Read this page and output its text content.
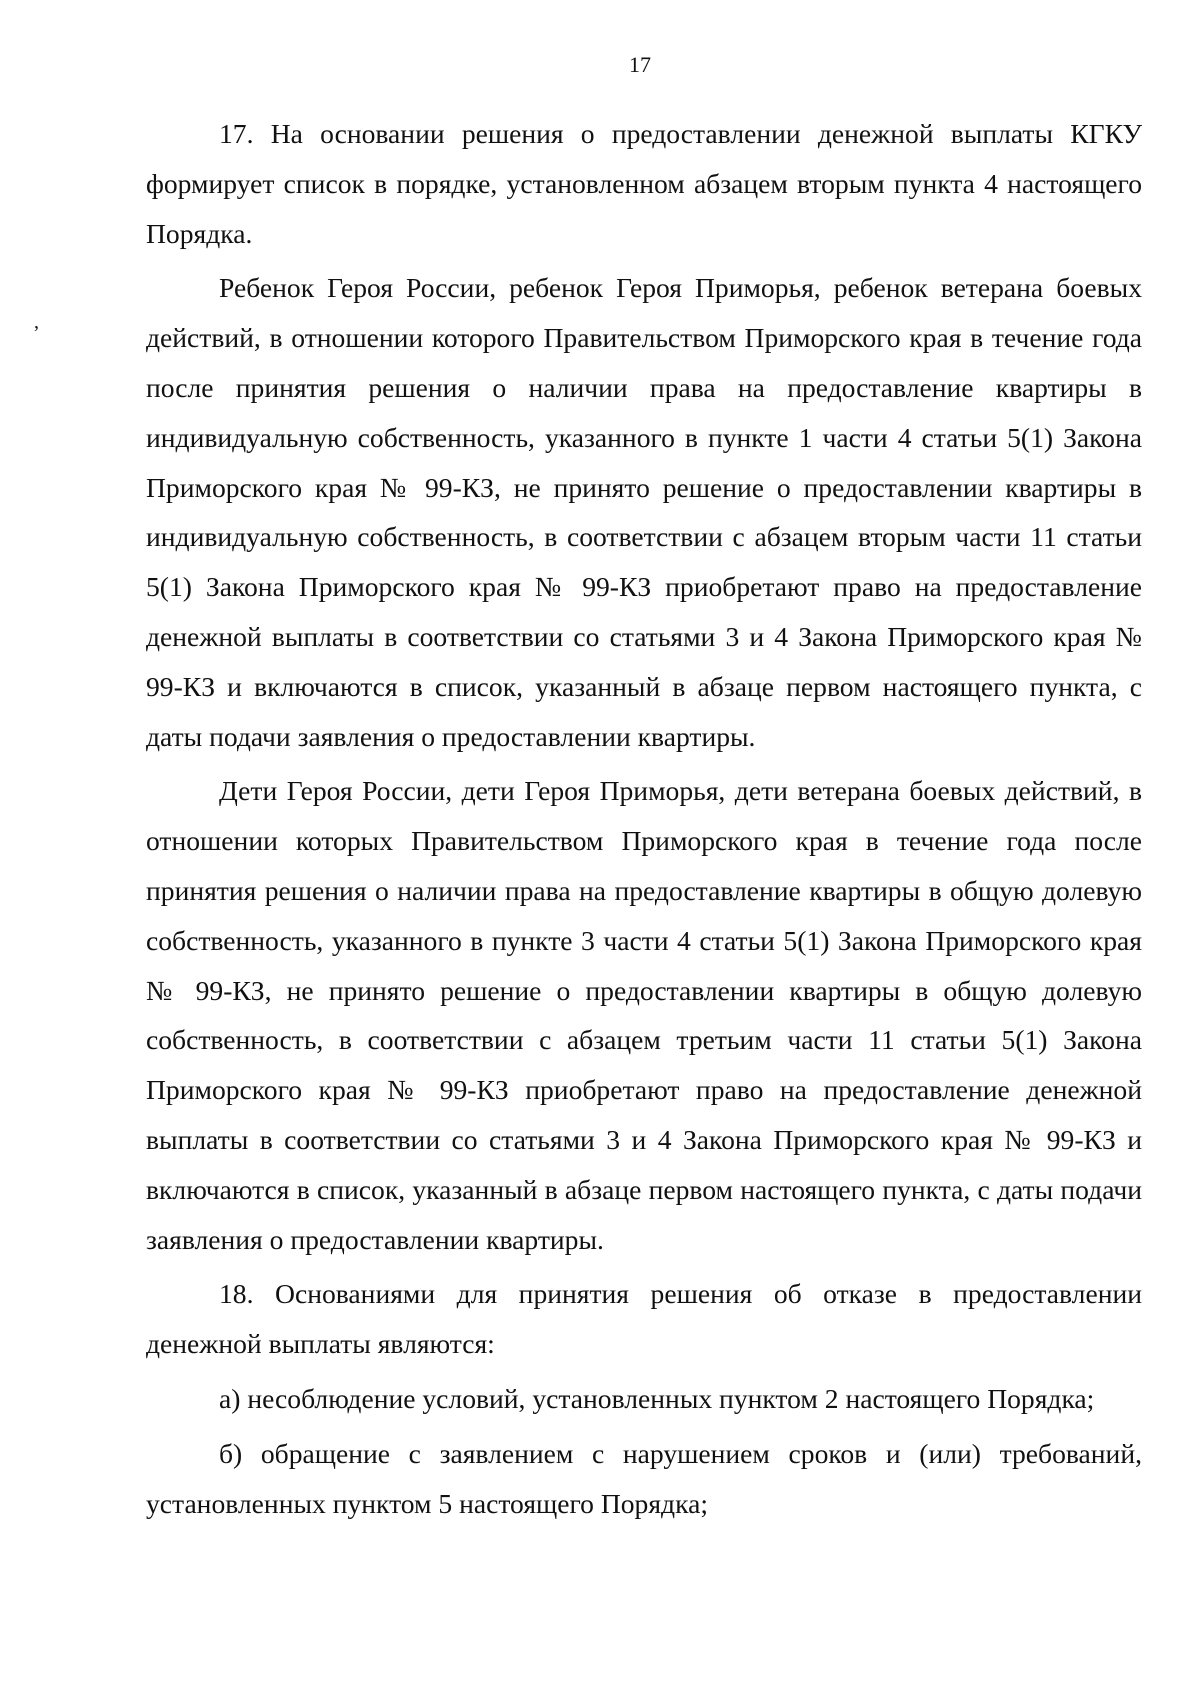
17
,

17. На основании решения о предоставлении денежной выплаты КГКУ формирует список в порядке, установленном абзацем вторым пункта 4 настоящего Порядка.

Ребенок Героя России, ребенок Героя Приморья, ребенок ветерана боевых действий, в отношении которого Правительством Приморского края в течение года после принятия решения о наличии права на предоставление квартиры в индивидуальную собственность, указанного в пункте 1 части 4 статьи 5(1) Закона Приморского края № 99-КЗ, не принято решение о предоставлении квартиры в индивидуальную собственность, в соответствии с абзацем вторым части 11 статьи 5(1) Закона Приморского края № 99-КЗ приобретают право на предоставление денежной выплаты в соответствии со статьями 3 и 4 Закона Приморского края № 99-КЗ и включаются в список, указанный в абзаце первом настоящего пункта, с даты подачи заявления о предоставлении квартиры.

Дети Героя России, дети Героя Приморья, дети ветерана боевых действий, в отношении которых Правительством Приморского края в течение года после принятия решения о наличии права на предоставление квартиры в общую долевую собственность, указанного в пункте 3 части 4 статьи 5(1) Закона Приморского края № 99-КЗ, не принято решение о предоставлении квартиры в общую долевую собственность, в соответствии с абзацем третьим части 11 статьи 5(1) Закона Приморского края № 99-КЗ приобретают право на предоставление денежной выплаты в соответствии со статьями 3 и 4 Закона Приморского края № 99-КЗ и включаются в список, указанный в абзаце первом настоящего пункта, с даты подачи заявления о предоставлении квартиры.

18. Основаниями для принятия решения об отказе в предоставлении денежной выплаты являются:

а) несоблюдение условий, установленных пунктом 2 настоящего Порядка;

б) обращение с заявлением с нарушением сроков и (или) требований, установленных пунктом 5 настоящего Порядка;
